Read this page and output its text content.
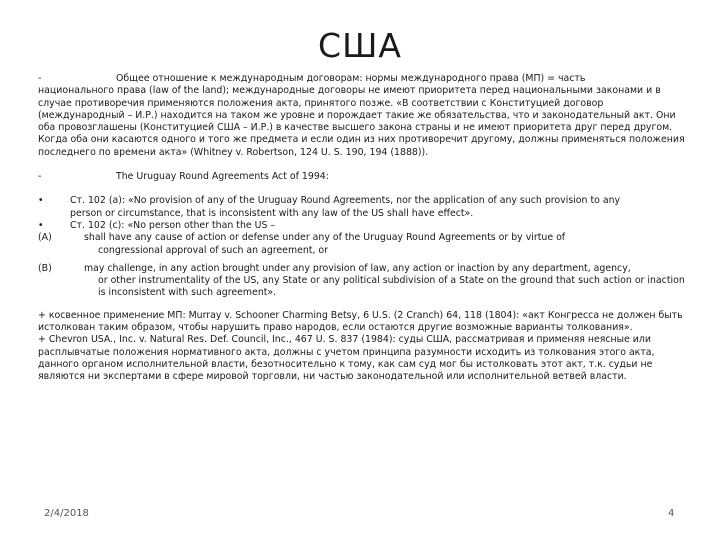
США
-	Общее отношение к международным договорам: нормы международного права (МП) = часть
национального права (law of the land); международные договоры не имеют приоритета перед национальными законами и в случае противоречия применяются положения акта, принятого позже. «В соответствии с Конституцией договор (международный – И.Р.) находится на таком же уровне и порождает такие же обязательства, что и законодательный акт. Они оба провозглашены (Конституцией США – И.Р.) в качестве высшего закона страны и не имеют приоритета друг перед другом. Когда оба они касаются одного и того же предмета и если один из них противоречит другому, должны применяться положения последнего по времени акта» (Whitney v. Robertson, 124 U. S. 190, 194 (1888)).
-	The Uruguay Round Agreements Act of 1994:
•	Ст. 102 (а): «No provision of any of the Uruguay Round Agreements, nor the application of any such provision to any
person or circumstance, that is inconsistent with any law of the US shall have effect».
•	Ст. 102 (с): «No person other than the US –
(A)	shall have any cause of action or defense under any of the Uruguay Round Agreements or by virtue of
congressional approval of such an agreement, or
(B)	may challenge, in any action brought under any provision of law, any action or inaction by any department, agency,
or other instrumentality of the US, any State or any political subdivision of a State on the ground that such action or inaction is inconsistent with such agreement».
+ косвенное применение МП: Murray v. Schooner Charming Betsy, 6 U.S. (2 Cranch) 64, 118 (1804): «акт Конгресса не должен быть истолкован таким образом, чтобы нарушить право народов, если остаются другие возможные варианты толкования».
+ Chevron USA., Inc. v. Natural Res. Def. Council, Inc., 467 U. S. 837 (1984): суды США, рассматривая и применяя неясные или расплывчатые положения нормативного акта, должны с учетом принципа разумности исходить из толкования этого акта, данного органом исполнительной власти, безотносительно к тому, как сам суд мог бы истолковать этот акт, т.к. судьи не являются ни экспертами в сфере мировой торговли, ни частью законодательной или исполнительной ветвей власти.
2/4/2018	4
